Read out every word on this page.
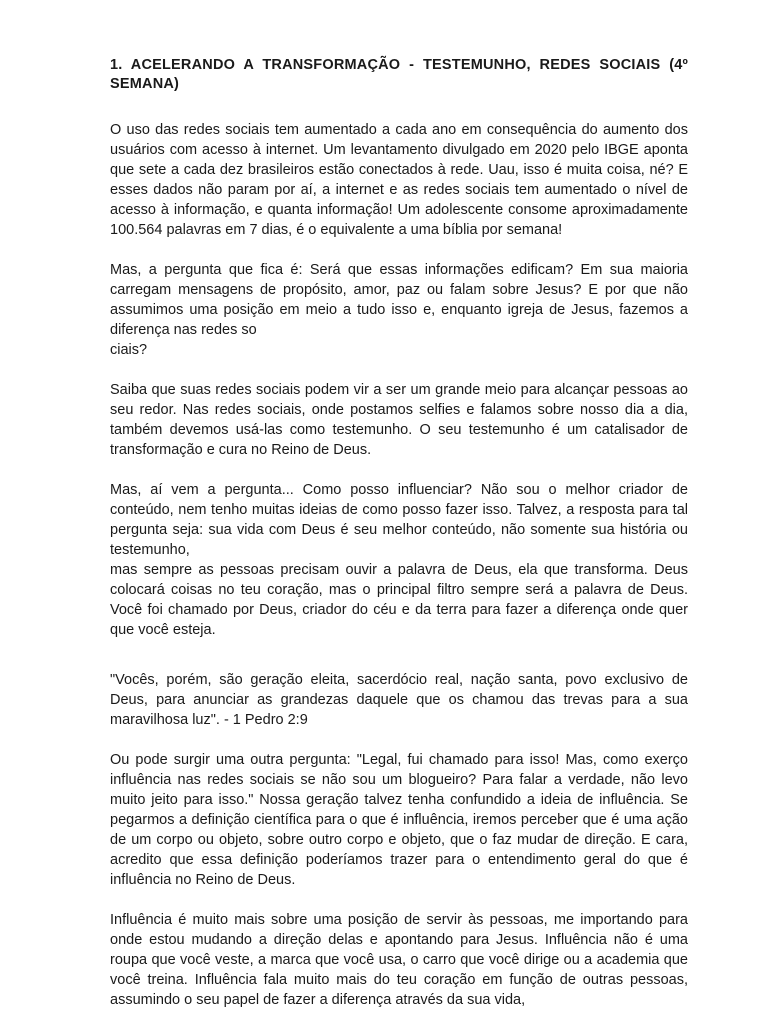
1. ACELERANDO A TRANSFORMAÇÃO - TESTEMUNHO, REDES SOCIAIS (4º SEMANA)

O uso das redes sociais tem aumentado a cada ano em consequência do aumento dos usuários com acesso à internet. Um levantamento divulgado em 2020 pelo IBGE aponta que sete a cada dez brasileiros estão conectados à rede. Uau, isso é muita coisa, né? E esses dados não param por aí, a internet e as redes sociais tem aumentado o nível de acesso à informação, e quanta informação! Um adolescente consome aproximadamente 100.564 palavras em 7 dias, é o equivalente a uma bíblia por semana!

Mas, a pergunta que fica é: Será que essas informações edificam? Em sua maioria carregam mensagens de propósito, amor, paz ou falam sobre Jesus? E por que não assumimos uma posição em meio a tudo isso e, enquanto igreja de Jesus, fazemos a diferença nas redes so
ciais?

Saiba que suas redes sociais podem vir a ser um grande meio para alcançar pessoas ao seu redor. Nas redes sociais, onde postamos selfies e falamos sobre nosso dia a dia, também devemos usá-las como testemunho. O seu testemunho é um catalisador de transformação e cura no Reino de Deus.

Mas, aí vem a pergunta... Como posso influenciar? Não sou o melhor criador de conteúdo, nem tenho muitas ideias de como posso fazer isso. Talvez, a resposta para tal pergunta seja: sua vida com Deus é seu melhor conteúdo, não somente sua história ou testemunho,

mas sempre as pessoas precisam ouvir a palavra de Deus, ela que transforma. Deus colocará coisas no teu coração, mas o principal filtro sempre será a palavra de Deus. Você foi chamado por Deus, criador do céu e da terra para fazer a diferença onde quer que você esteja.

"Vocês, porém, são geração eleita, sacerdócio real, nação santa, povo exclusivo de Deus, para anunciar as grandezas daquele que os chamou das trevas para a sua maravilhosa luz". - 1 Pedro 2:9

Ou pode surgir uma outra pergunta: "Legal, fui chamado para isso! Mas, como exerço influência nas redes sociais se não sou um blogueiro? Para falar a verdade, não levo muito jeito para isso." Nossa geração talvez tenha confundido a ideia de influência. Se pegarmos a definição científica para o que é influência, iremos perceber que é uma ação de um corpo ou objeto, sobre outro corpo e objeto, que o faz mudar de direção. E cara, acredito que essa definição poderíamos trazer para o entendimento geral do que é influência no Reino de Deus.

Influência é muito mais sobre uma posição de servir às pessoas, me importando para onde estou mudando a direção delas e apontando para Jesus. Influência não é uma roupa que você veste, a marca que você usa, o carro que você dirige ou a academia que você treina. Influência fala muito mais do teu coração em função de outras pessoas, assumindo o seu papel de fazer a diferença através da sua vida,
